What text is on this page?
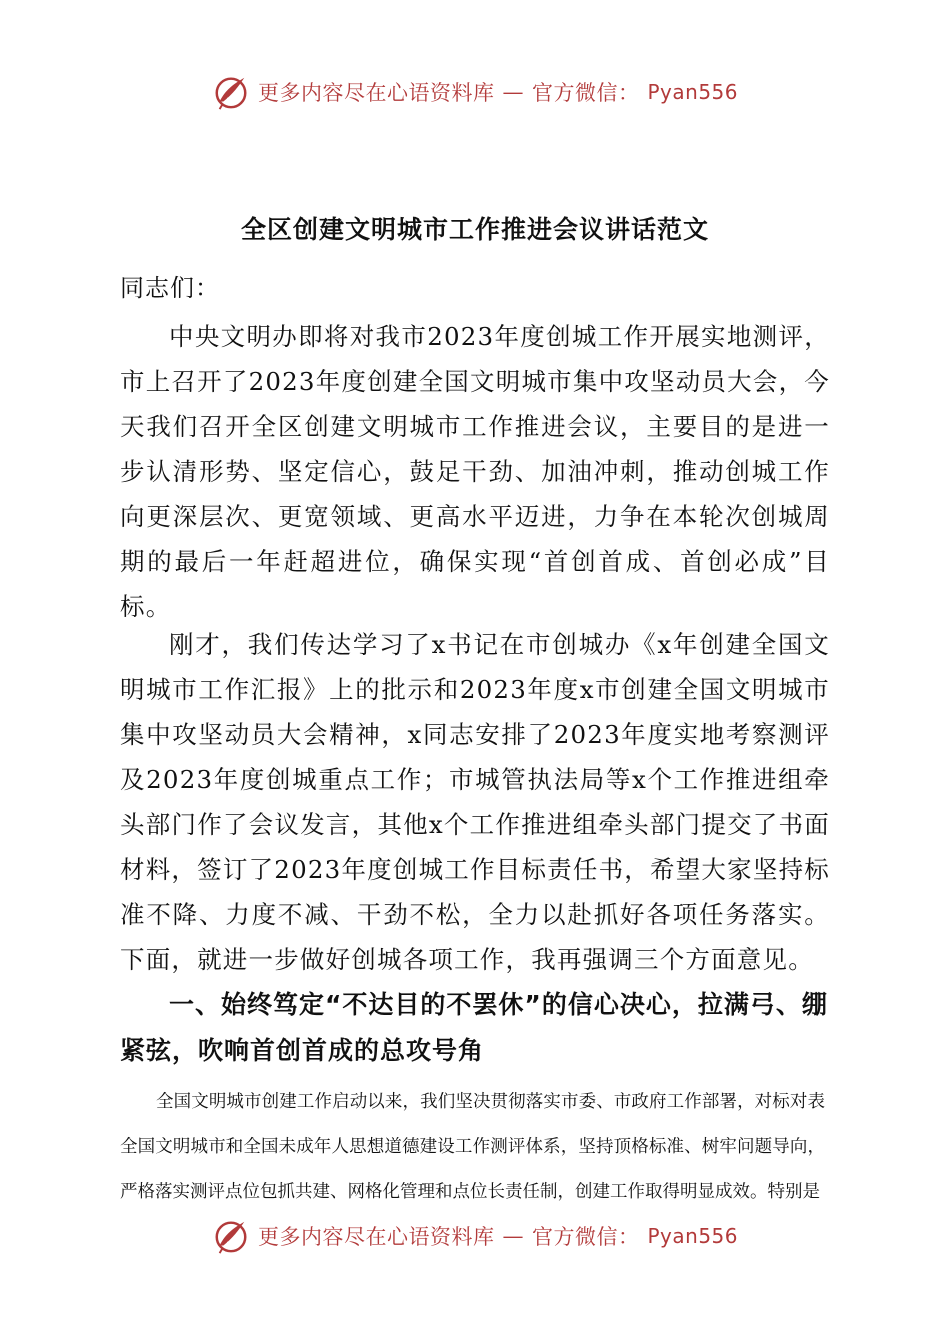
更多内容尽在心语资料库 — 官方微信： Pyan556
全区创建文明城市工作推进会议讲话范文

同志们：

中央文明办即将对我市2023年度创城工作开展实地测评，市上召开了2023年度创建全国文明城市集中攻坚动员大会，今天我们召开全区创建文明城市工作推进会议，主要目的是进一步认清形势、坚定信心，鼓足干劲、加油冲刺，推动创城工作向更深层次、更宽领域、更高水平迈进，力争在本轮次创城周期的最后一年赶超进位，确保实现“首创首成、首创必成”目标。

刚才，我们传达学习了x书记在市创城办《x年创建全国文明城市工作汇报》上的批示和2023年度x市创建全国文明城市集中攻坚动员大会精神，x同志安排了2023年度实地考察测评及2023年度创城重点工作；市城管执法局等x个工作推进组牵头部门作了会议发言，其他x个工作推进组牵头部门提交了书面材料，签订了2023年度创城工作目标责任书，希望大家坚持标准不降、力度不减、干劲不松，全力以赴抓好各项任务落实。下面，就进一步做好创城各项工作，我再强调三个方面意见。

一、始终笃定“不达目的不罢休”的信心决心，拉满弓、绷紧弦，吹响首创首成的总攻号角

全国文明城市创建工作启动以来，我们坚决贯彻落实市委、市政府工作部署，对标对表全国文明城市和全国未成年人思想道德建设工作测评体系，坚持顶格标准、树牢问题导向，严格落实测评点位包抓共建、网格化管理和点位长责任制，创建工作取得明显成效。特别是

更多内容尽在心语资料库 — 官方微信： Pyan556
